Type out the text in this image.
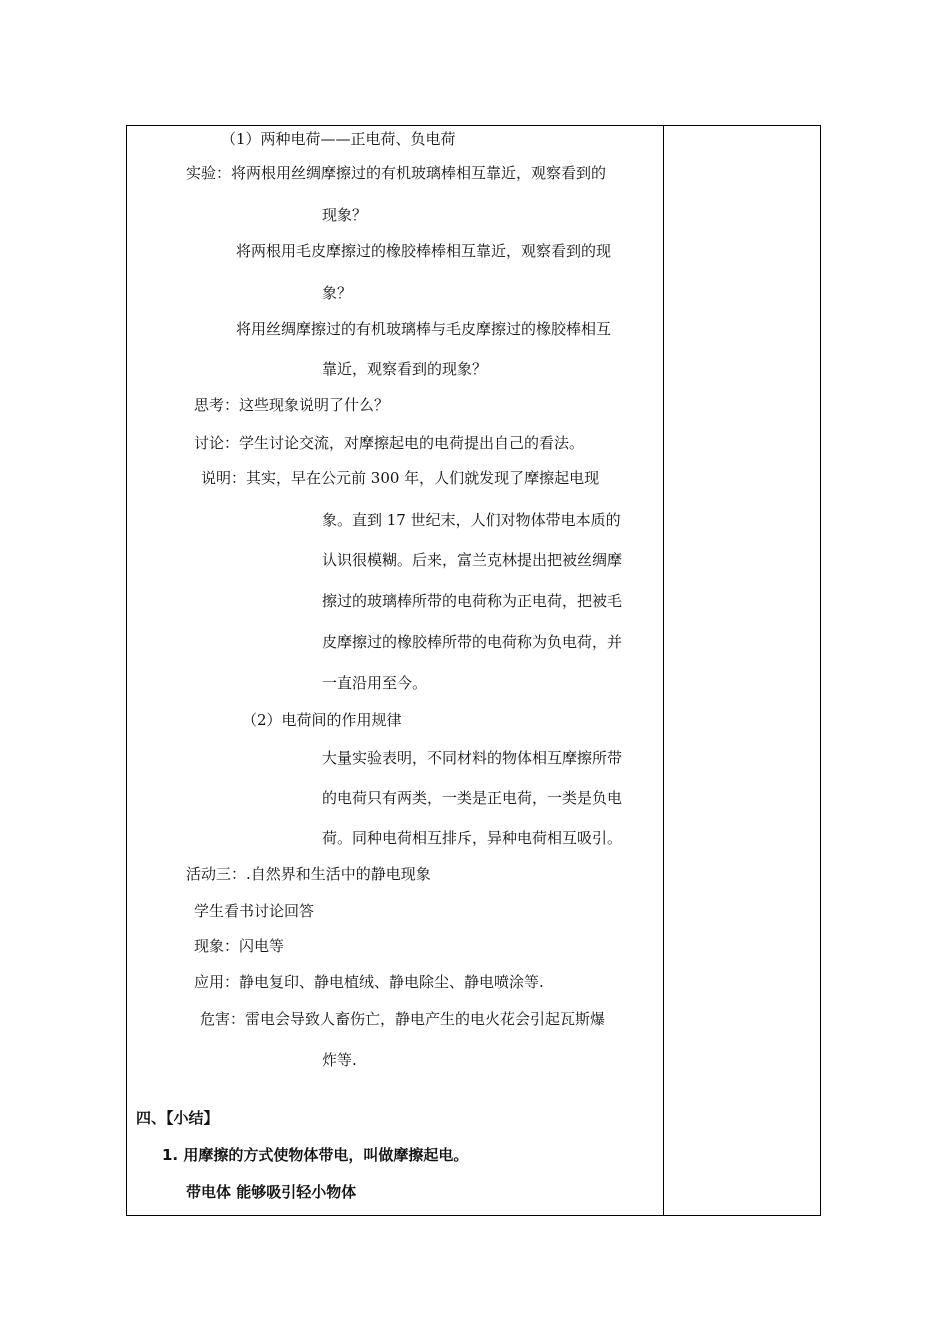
（1）两种电荷——正电荷、负电荷
实验：将两根用丝绸摩擦过的有机玻璃棒相互靠近，观察看到的
现象？
将两根用毛皮摩擦过的橡胶棒棒相互靠近，观察看到的现
象？
将用丝绸摩擦过的有机玻璃棒与毛皮摩擦过的橡胶棒相互
靠近，观察看到的现象？
思考：这些现象说明了什么？
讨论：学生讨论交流，对摩擦起电的电荷提出自己的看法。
说明：其实，早在公元前 300 年，人们就发现了摩擦起电现
象。直到 17 世纪末，人们对物体带电本质的
认识很模糊。后来，富兰克林提出把被丝绸摩
擦过的玻璃棒所带的电荷称为正电荷，把被毛
皮摩擦过的橡胶棒所带的电荷称为负电荷，并
一直沿用至今。
（2）电荷间的作用规律
大量实验表明，不同材料的物体相互摩擦所带
的电荷只有两类，一类是正电荷，一类是负电
荷。同种电荷相互排斥，异种电荷相互吸引。
活动三：.自然界和生活中的静电现象
学生看书讨论回答
现象：闪电等
应用：静电复印、静电植绒、静电除尘、静电喷涂等.
危害：雷电会导致人畜伤亡，静电产生的电火花会引起瓦斯爆
炸等.
四、【小结】
1. 用摩擦的方式使物体带电，叫做摩擦起电。
带电体 能够吸引轻小物体
